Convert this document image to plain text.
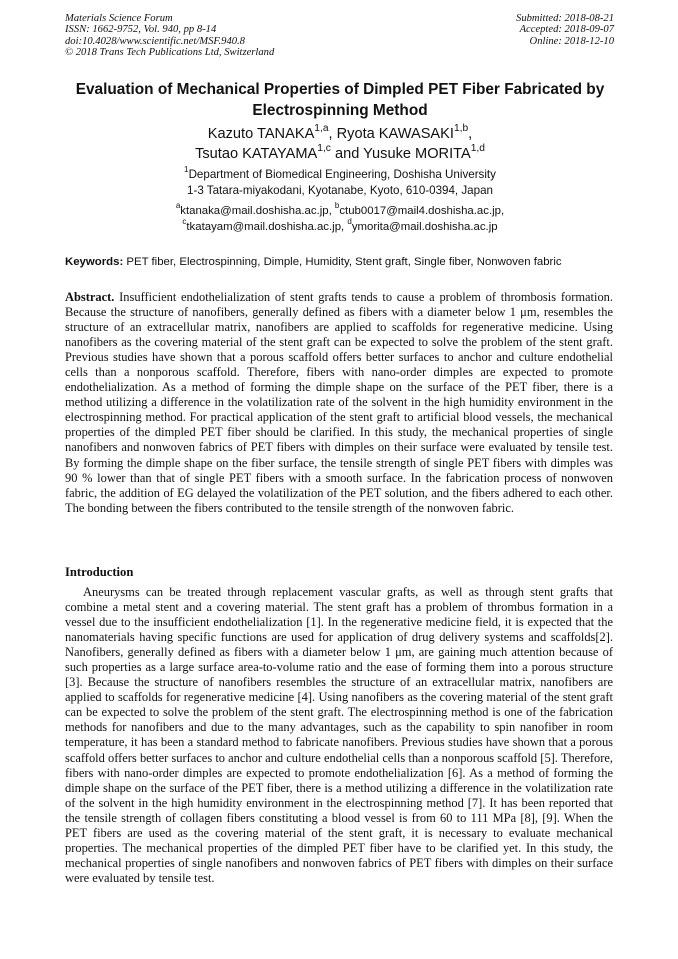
Materials Science Forum
ISSN: 1662-9752, Vol. 940, pp 8-14
doi:10.4028/www.scientific.net/MSF.940.8
© 2018 Trans Tech Publications Ltd, Switzerland
Submitted: 2018-08-21
Accepted: 2018-09-07
Online: 2018-12-10
Evaluation of Mechanical Properties of Dimpled PET Fiber Fabricated by
Electrospinning Method
Kazuto TANAKA$^{1,a}$, Ryota KAWASAKI$^{1,b}$,
Tsutao KATAYAMA$^{1,c}$ and Yusuke MORITA$^{1,d}$
$^1$Department of Biomedical Engineering, Doshisha University
1-3 Tatara-miyakodani, Kyotanabe, Kyoto, 610-0394, Japan
$^a$ktanaka@mail.doshisha.ac.jp, $^b$ctub0017@mail4.doshisha.ac.jp,
$^c$tkatayam@mail.doshisha.ac.jp, $^d$ymorita@mail.doshisha.ac.jp
Keywords: PET fiber, Electrospinning, Dimple, Humidity, Stent graft, Single fiber, Nonwoven fabric

Abstract. Insufficient endothelialization of stent grafts tends to cause a problem of thrombosis formation. Because the structure of nanofibers, generally defined as fibers with a diameter below 1 μm, resembles the structure of an extracellular matrix, nanofibers are applied to scaffolds for regenerative medicine. Using nanofibers as the covering material of the stent graft can be expected to solve the problem of the stent graft. Previous studies have shown that a porous scaffold offers better surfaces to anchor and culture endothelial cells than a nonporous scaffold. Therefore, fibers with nano-order dimples are expected to promote endothelialization. As a method of forming the dimple shape on the surface of the PET fiber, there is a method utilizing a difference in the volatilization rate of the solvent in the high humidity environment in the electrospinning method. For practical application of the stent graft to artificial blood vessels, the mechanical properties of the dimpled PET fiber should be clarified. In this study, the mechanical properties of single nanofibers and nonwoven fabrics of PET fibers with dimples on their surface were evaluated by tensile test. By forming the dimple shape on the fiber surface, the tensile strength of single PET fibers with dimples was 90 % lower than that of single PET fibers with a smooth surface. In the fabrication process of nonwoven fabric, the addition of EG delayed the volatilization of the PET solution, and the fibers adhered to each other. The bonding between the fibers contributed to the tensile strength of the nonwoven fabric.

Introduction

Aneurysms can be treated through replacement vascular grafts, as well as through stent grafts that combine a metal stent and a covering material. The stent graft has a problem of thrombus formation in a vessel due to the insufficient endothelialization [1]. In the regenerative medicine field, it is expected that the nanomaterials having specific functions are used for application of drug delivery systems and scaffolds[2]. Nanofibers, generally defined as fibers with a diameter below 1 μm, are gaining much attention because of such properties as a large surface area-to-volume ratio and the ease of forming them into a porous structure [3]. Because the structure of nanofibers resembles the structure of an extracellular matrix, nanofibers are applied to scaffolds for regenerative medicine [4]. Using nanofibers as the covering material of the stent graft can be expected to solve the problem of the stent graft. The electrospinning method is one of the fabrication methods for nanofibers and due to the many advantages, such as the capability to spin nanofiber in room temperature, it has been a standard method to fabricate nanofibers. Previous studies have shown that a porous scaffold offers better surfaces to anchor and culture endothelial cells than a nonporous scaffold [5]. Therefore, fibers with nano-order dimples are expected to promote endothelialization [6]. As a method of forming the dimple shape on the surface of the PET fiber, there is a method utilizing a difference in the volatilization rate of the solvent in the high humidity environment in the electrospinning method [7]. It has been reported that the tensile strength of collagen fibers constituting a blood vessel is from 60 to 111 MPa [8], [9]. When the PET fibers are used as the covering material of the stent graft, it is necessary to evaluate mechanical properties. The mechanical properties of the dimpled PET fiber have to be clarified yet. In this study, the mechanical properties of single nanofibers and nonwoven fabrics of PET fibers with dimples on their surface were evaluated by tensile test.
